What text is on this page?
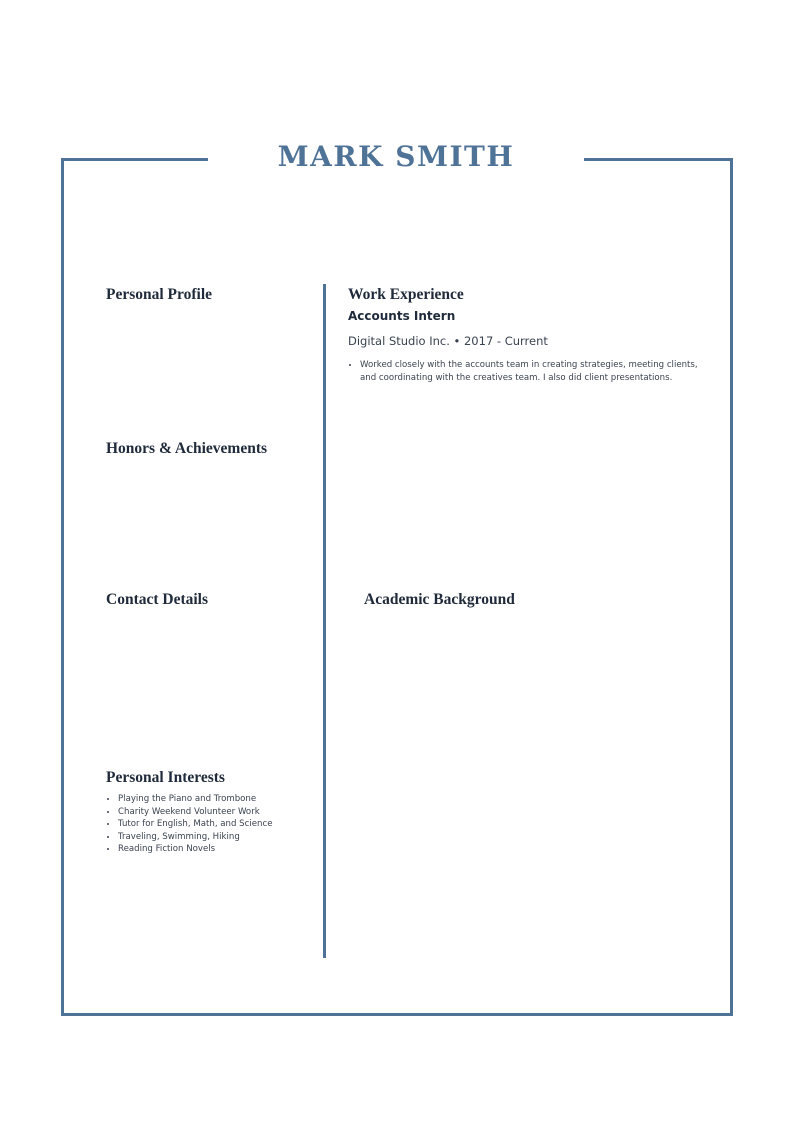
MARK SMITH
Personal Profile
Honors & Achievements
Contact Details
Personal Interests
• Playing the Piano and Trombone
• Charity Weekend Volunteer Work
• Tutor for English, Math, and Science
• Traveling, Swimming, Hiking
• Reading Fiction Novels
Work Experience
Accounts Intern
Digital Studio Inc. • 2017 - Current
• Worked closely with the accounts team in creating strategies, meeting clients, and coordinating with the creatives team. I also did client presentations.
Academic Background
